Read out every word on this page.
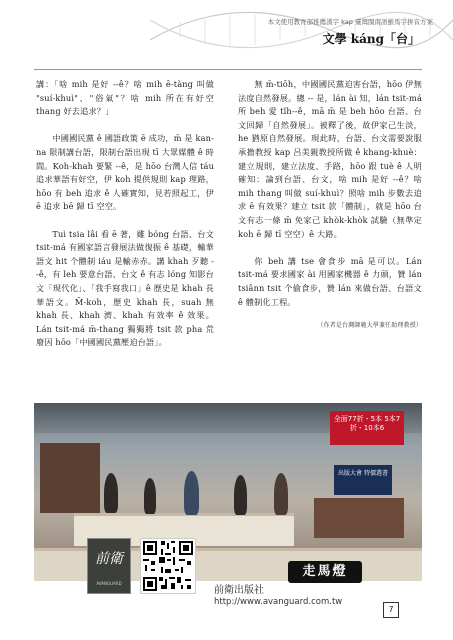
本文使用教育部推薦漢字 kap 臺灣閩南語羅馬字拼音方案
文學 káng「台」

講：「啥 mih 是好 --ê？啥 mih ē-tàng 叫做 "suí-khuì"、"俗氣"？啥 mih 所在有好空 thang 好去追求？」

中國國民黨 ê 國語政策 ē 成功，m̄ 是 kan-na 限制講台語，限制台語出現 tī 大眾媒體 ê 時間。Koh-khah 要緊 --ê，是 hōo 台灣人信 táu 追求華語有好空，伊 koh 提供規則 kap 理路，hōo 有 beh 追求 ê 人確實知，見若照起工，伊 ē 追求 bē 歸 tī 空空。

Tuì tsia lâi 看 ē 著，雖 bóng 台語、台文 tsit-má 有國家語言發展法做復振 ê 基礎，輸華語文 hit 个體制 iáu 是輸赤赤。講 khah 歹聽 --ê，有 leh 要意台語、台文 ê 有志 lóng 知影台文「現代化」、「我手寫我口」ê 歷史是 khah 長華語文。M̄-koh，歷史 khah 長，suah 無 khah 長、khah 濟、khah 有效率 ê 效果。Lán tsit-má m̄-thang 獨獨將 tsit 款 pha 荒廢因 hōo「中國國民黨壓迫台語」。

無 m̄-tiōh，中國國民黨迫害台語，hōo 伊無法度自然發展。總 -- 是，lán ài 知，lán tsit-má 所 beh 愛 tĭh--ê，mā m̄ 是 beh hōo 台語、台文回歸「自然發展」。被釋了後，故伊家己生淡，he 猶原自然發展。現此時，台語、台文需要說服承擔教授 kap 呂美親教授所做 ê khang-khuè：建立規則，建立法度、手路，hōo 跟 tuè ê 人明確知：論到台語、台文，啥 mih 是好 --ê？啥 mih thang 叫做 suí-khuì？照啥 mih 步數去追求 ē 有效果？建立 tsit 款「體制」，就是 hōo 台文有志一條 m̄ 免家己 khòk-khòk 試驗（無準定 koh ē 歸 tī 空空）ê 大路。

你 beh 講 tse 會食步 mā 是可以。Lán tsit-má 要求國家 ài 用國家機器 ê 力頭，贊 lán tsiânn tsit 个偷食步，贊 lán 來做台語、台語文 ê 體制化工程。

（作者是台灣師範大學兼任助理教授）

全面77折・5本 5本7折・10本6
出版大會 特價選書
前衛
AVANGUARD
走馬燈
前衛出版社
http://www.avanguard.com.tw
7
